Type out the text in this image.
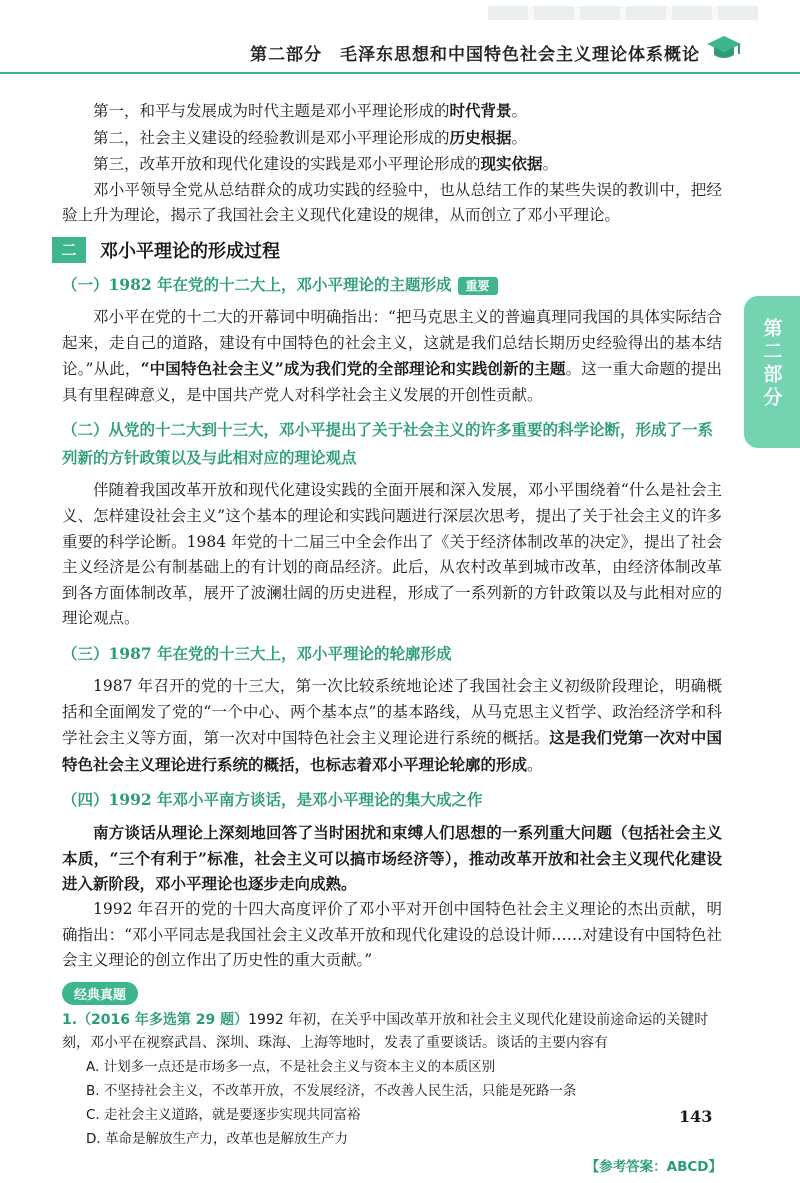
第二部分　毛泽东思想和中国特色社会主义理论体系概论
第二部分

第一，和平与发展成为时代主题是邓小平理论形成的时代背景。

第二，社会主义建设的经验教训是邓小平理论形成的历史根据。

第三，改革开放和现代化建设的实践是邓小平理论形成的现实依据。

邓小平领导全党从总结群众的成功实践的经验中，也从总结工作的某些失误的教训中，把经验上升为理论，揭示了我国社会主义现代化建设的规律，从而创立了邓小平理论。

二	邓小平理论的形成过程
（一）1982 年在党的十二大上，邓小平理论的主题形成 重要

邓小平在党的十二大的开幕词中明确指出：“把马克思主义的普遍真理同我国的具体实际结合起来，走自己的道路，建设有中国特色的社会主义，这就是我们总结长期历史经验得出的基本结论。”从此，“中国特色社会主义”成为我们党的全部理论和实践创新的主题。这一重大命题的提出具有里程碑意义，是中国共产党人对科学社会主义发展的开创性贡献。

（二）从党的十二大到十三大，邓小平提出了关于社会主义的许多重要的科学论断，形成了一系列新的方针政策以及与此相对应的理论观点

伴随着我国改革开放和现代化建设实践的全面开展和深入发展，邓小平围绕着“什么是社会主义、怎样建设社会主义”这个基本的理论和实践问题进行深层次思考，提出了关于社会主义的许多重要的科学论断。1984 年党的十二届三中全会作出了《关于经济体制改革的决定》，提出了社会主义经济是公有制基础上的有计划的商品经济。此后，从农村改革到城市改革，由经济体制改革到各方面体制改革，展开了波澜壮阔的历史进程，形成了一系列新的方针政策以及与此相对应的理论观点。

（三）1987 年在党的十三大上，邓小平理论的轮廓形成

1987 年召开的党的十三大，第一次比较系统地论述了我国社会主义初级阶段理论，明确概括和全面阐发了党的“一个中心、两个基本点”的基本路线，从马克思主义哲学、政治经济学和科学社会主义等方面，第一次对中国特色社会主义理论进行系统的概括。这是我们党第一次对中国特色社会主义理论进行系统的概括，也标志着邓小平理论轮廓的形成。

（四）1992 年邓小平南方谈话，是邓小平理论的集大成之作

南方谈话从理论上深刻地回答了当时困扰和束缚人们思想的一系列重大问题（包括社会主义本质，“三个有利于”标准，社会主义可以搞市场经济等），推动改革开放和社会主义现代化建设进入新阶段，邓小平理论也逐步走向成熟。

1992 年召开的党的十四大高度评价了邓小平对开创中国特色社会主义理论的杰出贡献，明确指出：“邓小平同志是我国社会主义改革开放和现代化建设的总设计师……对建设有中国特色社会主义理论的创立作出了历史性的重大贡献。”

经典真题
1.（2016 年多选第 29 题）1992 年初，在关乎中国改革开放和社会主义现代化建设前途命运的关键时刻，邓小平在视察武昌、深圳、珠海、上海等地时，发表了重要谈话。谈话的主要内容有
A. 计划多一点还是市场多一点，不是社会主义与资本主义的本质区别
B. 不坚持社会主义，不改革开放，不发展经济，不改善人民生活，只能是死路一条
C. 走社会主义道路，就是要逐步实现共同富裕
D. 革命是解放生产力，改革也是解放生产力
【参考答案：ABCD】
143
